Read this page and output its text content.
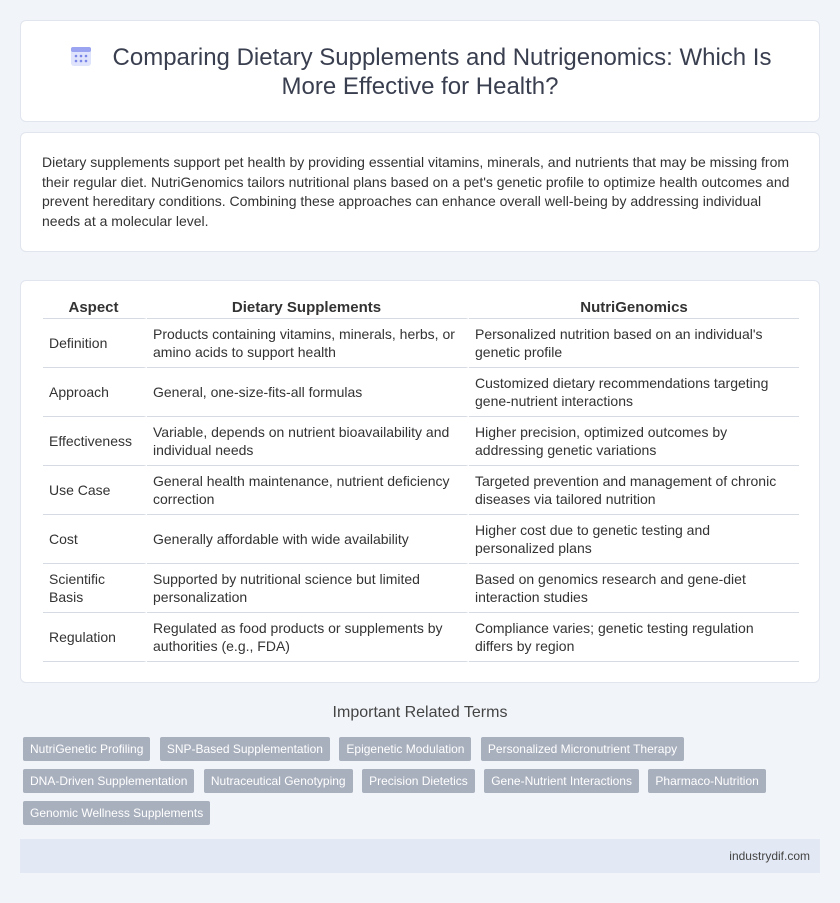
Comparing Dietary Supplements and Nutrigenomics: Which Is More Effective for Health?

Dietary supplements support pet health by providing essential vitamins, minerals, and nutrients that may be missing from their regular diet. NutriGenomics tailors nutritional plans based on a pet's genetic profile to optimize health outcomes and prevent hereditary conditions. Combining these approaches can enhance overall well-being by addressing individual needs at a molecular level.

Aspect	Dietary Supplements	NutriGenomics
Definition	Products containing vitamins, minerals, herbs, or amino acids to support health	Personalized nutrition based on an individual's genetic profile
Approach	General, one-size-fits-all formulas	Customized dietary recommendations targeting gene-nutrient interactions
Effectiveness	Variable, depends on nutrient bioavailability and individual needs	Higher precision, optimized outcomes by addressing genetic variations
Use Case	General health maintenance, nutrient deficiency correction	Targeted prevention and management of chronic diseases via tailored nutrition
Cost	Generally affordable with wide availability	Higher cost due to genetic testing and personalized plans
Scientific Basis	Supported by nutritional science but limited personalization	Based on genomics research and gene-diet interaction studies
Regulation	Regulated as food products or supplements by authorities (e.g., FDA)	Compliance varies; genetic testing regulation differs by region
Important Related Terms
NutriGenetic Profiling SNP-Based Supplementation Epigenetic Modulation Personalized Micronutrient Therapy DNA-Driven Supplementation Nutraceutical Genotyping Precision Dietetics Gene-Nutrient Interactions Pharmaco-Nutrition Genomic Wellness Supplements
industrydif.com
